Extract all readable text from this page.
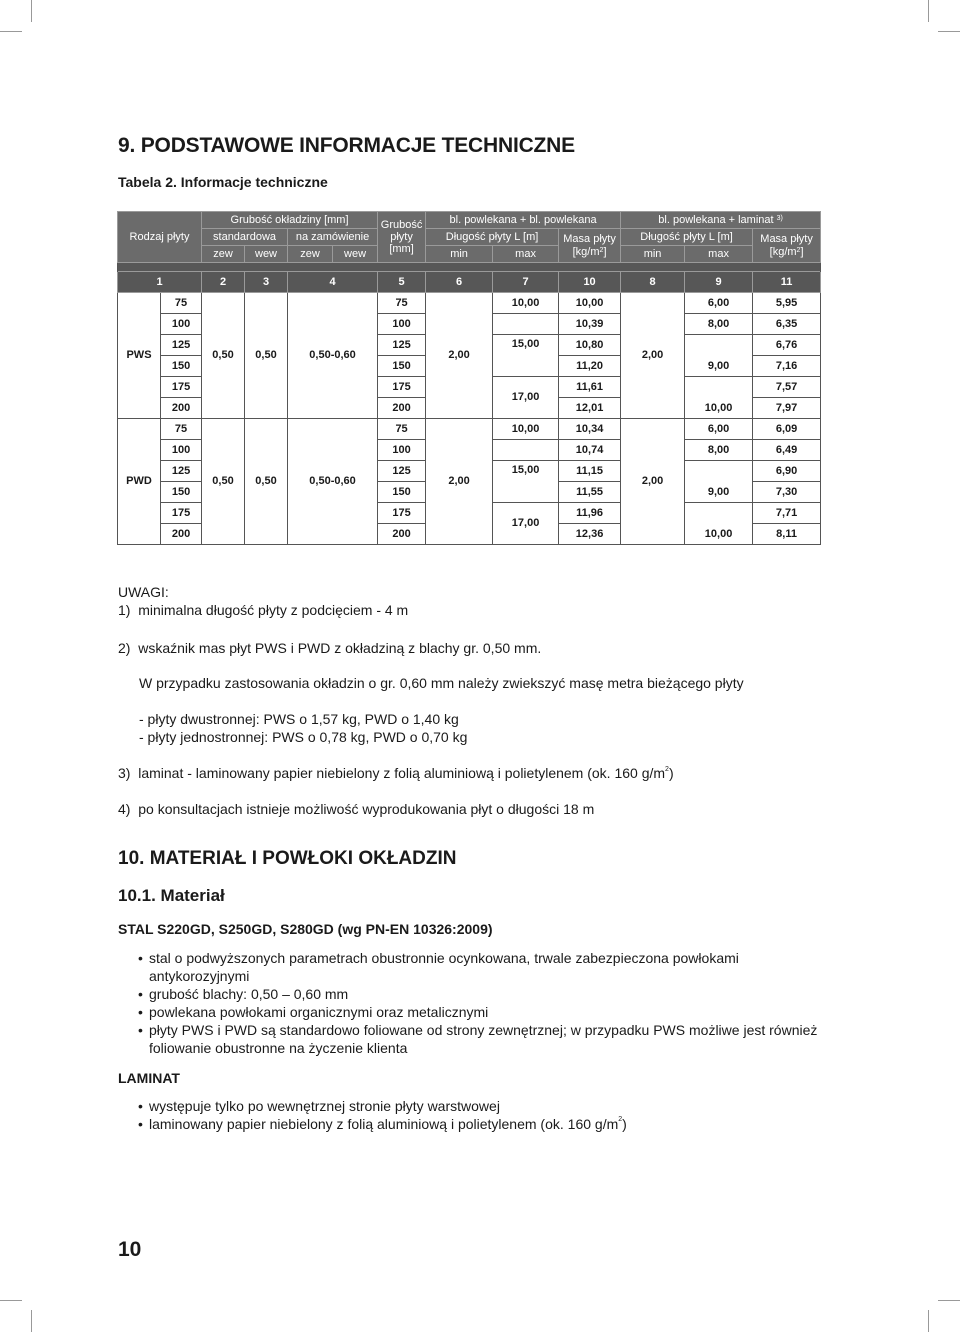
9. PODSTAWOWE INFORMACJE TECHNICZNE
Tabela 2. Informacje techniczne
Rodzaj płyty		Grubość okładziny [mm]				Grubość płyty [mm]	bl. powlekana + bl. powlekana			bl. powlekana + laminat $^{3)}$
		standardowa		na zamówienie			Długość płyty L [m]		Masa płyty $[kg/m^2]$	Długość płyty L [m]		Masa płyty $[kg/m^2]$
		zew	wew	zew	wew		min	max		min	max	

1		2	3	4		5	6	7	10	8	9	11
PWS	75	0,50	0,50	0,50-0,60		75	2,00	10,00	10,00	2,00	6,00	5,95
	100					100			10,39		8,00	6,35
	125					125		15,00	10,80		9,00	6,76
	150					150			11,20			7,16
	175					175		17,00	11,61		10,00	7,57
	200					200			12,01			7,97
PWD	75	0,50	0,50	0,50-0,60		75	2,00	10,00	10,34	2,00	6,00	6,09
	100					100			10,74		8,00	6,49
	125					125		15,00	11,15		9,00	6,90
	150					150			11,55			7,30
	175					175		17,00	11,96		10,00	7,71
	200					200			12,36			8,11
UWAGI:
1)  minimalna długość płyty z podcięciem - 4 m
2)  wskaźnik mas płyt PWS i PWD z okładziną z blachy gr. 0,50 mm.
W przypadku zastosowania okładzin o gr. 0,60 mm należy zwiekszyć masę metra bieżącego płyty
- płyty dwustronnej: PWS o 1,57 kg, PWD o 1,40 kg
- płyty jednostronnej: PWS o 0,78 kg, PWD o 0,70 kg
3)  laminat - laminowany papier niebielony z folią aluminiową i polietylenem (ok. 160 $g/m^2$)
4)  po konsultacjach istnieje możliwość wyprodukowania płyt o długości 18 m
10. MATERIAŁ I POWŁOKI OKŁADZIN
10.1. Materiał
STAL S220GD, S250GD, S280GD (wg PN-EN 10326:2009)
• stal o podwyższonych parametrach obustronnie ocynkowana, trwale zabezpieczona powłokami antykorozyjnymi
• grubość blachy: 0,50 – 0,60 mm
• powlekana powłokami organicznymi oraz metalicznymi
• płyty PWS i PWD są standardowo foliowane od strony zewnętrznej; w przypadku PWS możliwe jest również foliowanie obustronne na życzenie klienta
LAMINAT
• występuje tylko po wewnętrznej stronie płyty warstwowej
• laminowany papier niebielony z folią aluminiową i polietylenem (ok. 160 $g/m^2$)
10
